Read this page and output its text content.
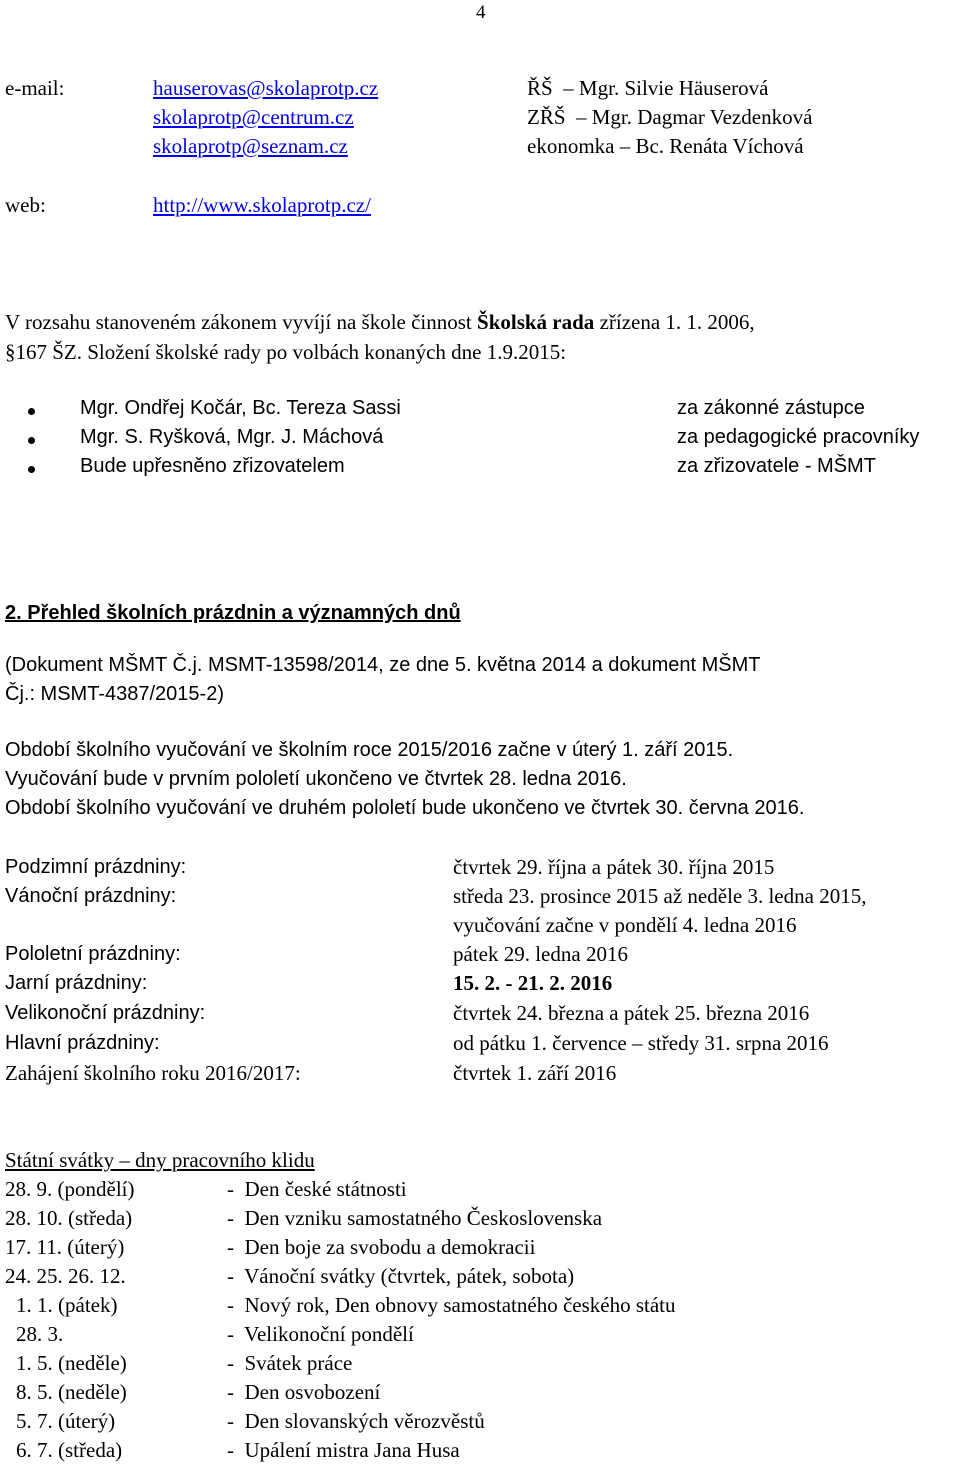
4
e-mail:	hauserovas@skolaprotp.cz
skolaprotp@centrum.cz
skolaprotp@seznam.cz
ŘŠ  – Mgr. Silvie Häuserová
ZŘŠ  – Mgr. Dagmar Vezdenková
ekonomka – Bc. Renáta Víchová
web:	http://www.skolaprotp.cz/
V rozsahu stanoveném zákonem vyvíjí na škole činnost Školská rada zřízena 1. 1. 2006,
§167 ŠZ. Složení školské rady po volbách konaných dne 1.9.2015:
Mgr. Ondřej Kočár, Bc. Tereza Sassi	za zákonné zástupce
Mgr. S. Ryšková, Mgr. J. Máchová	za pedagogické pracovníky
Bude upřesněno zřizovatelem	za zřizovatele - MŠMT
2. Přehled školních prázdnin a významných dnů
(Dokument MŠMT Č.j. MSMT-13598/2014, ze dne 5. května 2014 a dokument MŠMT
Čj.: MSMT-4387/2015-2)
Období školního vyučování ve školním roce 2015/2016 začne v úterý 1. září 2015.
Vyučování bude v prvním pololetí ukončeno ve čtvrtek 28. ledna 2016.
Období školního vyučování ve druhém pololetí bude ukončeno ve čtvrtek 30. června 2016.
Podzimní prázdniny:	čtvrtek 29. října a pátek 30. října 2015
Vánoční prázdniny:	středa 23. prosince 2015 až neděle 3. ledna 2015,
vyučování začne v pondělí 4. ledna 2016
Pololetní prázdniny:	pátek 29. ledna 2016
Jarní prázdniny:	15. 2. - 21. 2. 2016
Velikonoční prázdniny:	čtvrtek 24. března a pátek 25. března 2016
Hlavní prázdniny:	od pátku 1. července – středy 31. srpna 2016
Zahájení školního roku 2016/2017:	čtvrtek 1. září 2016
Státní svátky – dny pracovního klidu
28. 9. (pondělí)	-  Den české státnosti
28. 10. (středa)	-  Den vzniku samostatného Československa
17. 11. (úterý)	-  Den boje za svobodu a demokracii
24. 25. 26. 12.	-  Vánoční svátky (čtvrtek, pátek, sobota)
1. 1. (pátek)	-  Nový rok, Den obnovy samostatného českého státu
28. 3.	-  Velikonoční pondělí
1. 5. (neděle)	-  Svátek práce
8. 5. (neděle)	-  Den osvobození
5. 7. (úterý)	-  Den slovanských věrozvěstů
6. 7. (středa)	-  Upálení mistra Jana Husa
